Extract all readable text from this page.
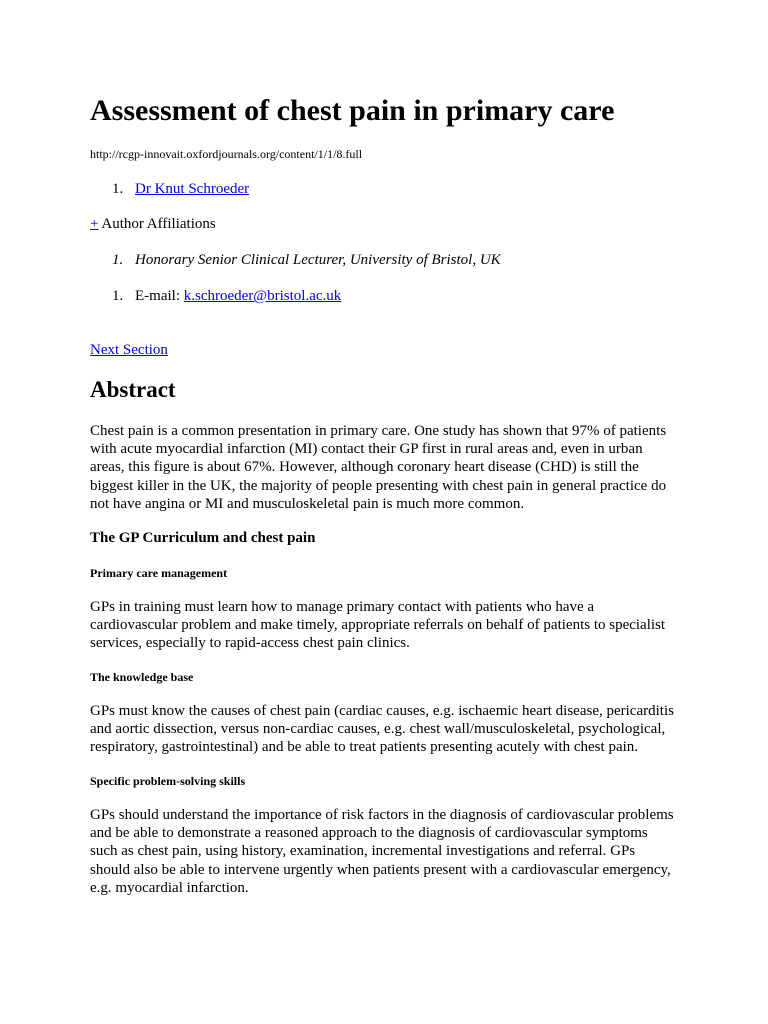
Assessment of chest pain in primary care
http://rcgp-innovait.oxfordjournals.org/content/1/1/8.full
1. Dr Knut Schroeder
+ Author Affiliations
1. Honorary Senior Clinical Lecturer, University of Bristol, UK
1. E-mail: k.schroeder@bristol.ac.uk
Next Section
Abstract
Chest pain is a common presentation in primary care. One study has shown that 97% of patients
with acute myocardial infarction (MI) contact their GP first in rural areas and, even in urban
areas, this figure is about 67%. However, although coronary heart disease (CHD) is still the
biggest killer in the UK, the majority of people presenting with chest pain in general practice do
not have angina or MI and musculoskeletal pain is much more common.
The GP Curriculum and chest pain
Primary care management
GPs in training must learn how to manage primary contact with patients who have a
cardiovascular problem and make timely, appropriate referrals on behalf of patients to specialist
services, especially to rapid-access chest pain clinics.
The knowledge base
GPs must know the causes of chest pain (cardiac causes, e.g. ischaemic heart disease, pericarditis
and aortic dissection, versus non-cardiac causes, e.g. chest wall/musculoskeletal, psychological,
respiratory, gastrointestinal) and be able to treat patients presenting acutely with chest pain.
Specific problem-solving skills
GPs should understand the importance of risk factors in the diagnosis of cardiovascular problems
and be able to demonstrate a reasoned approach to the diagnosis of cardiovascular symptoms
such as chest pain, using history, examination, incremental investigations and referral. GPs
should also be able to intervene urgently when patients present with a cardiovascular emergency,
e.g. myocardial infarction.
